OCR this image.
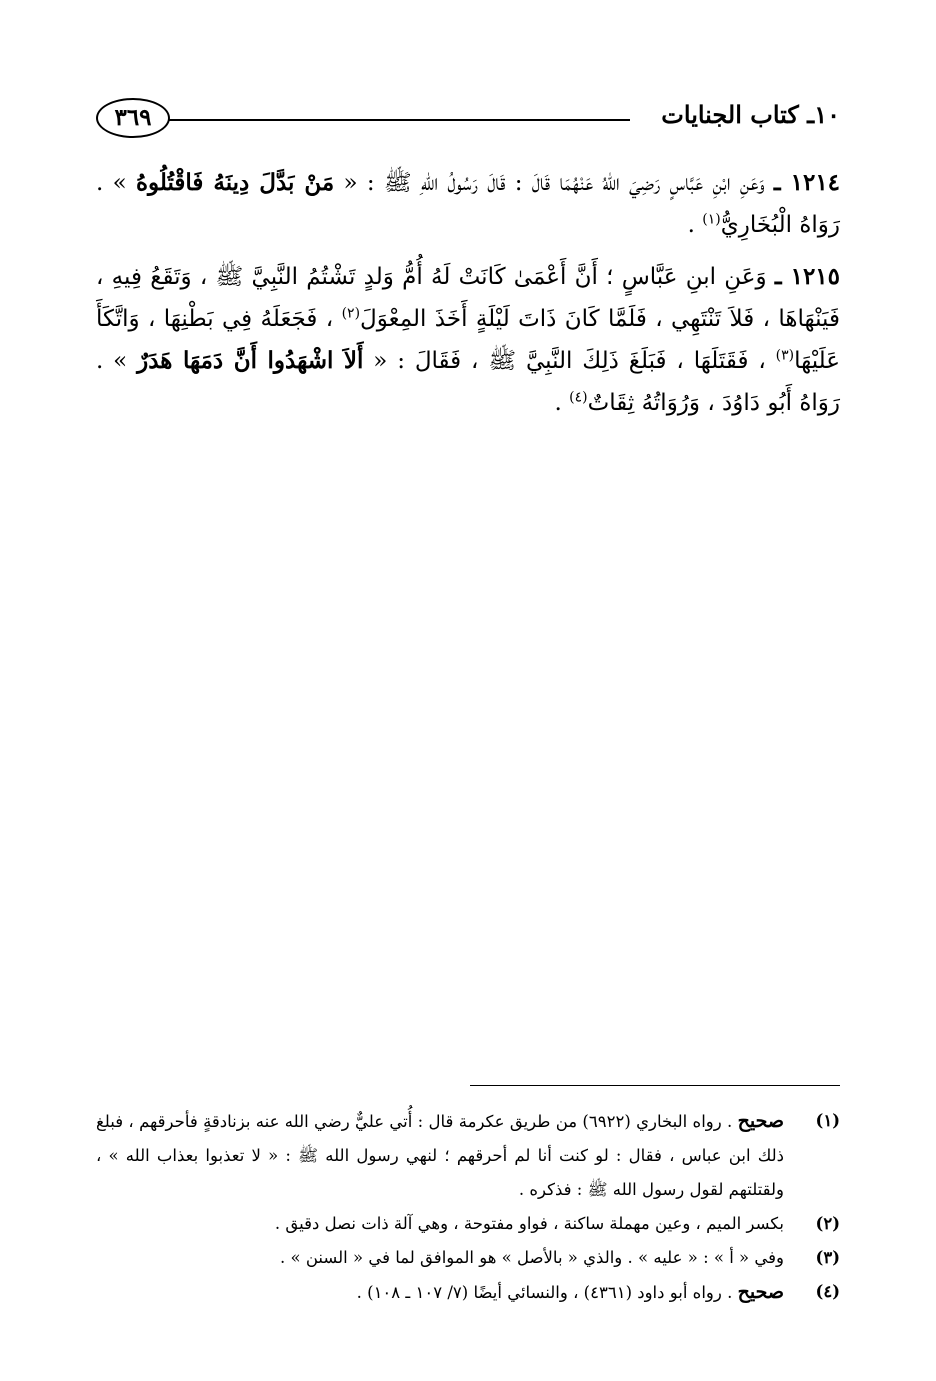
١٠ـ كتاب الجنايات
٣٦٩

١٢١٤ ـ وَعَنِ ابْنِ عَبَّاسٍ رَضِيَ اللهُ عَنْهُمَا قَالَ : قَالَ رَسُولُ اللهِ ﷺ : « مَنْ بَدَّلَ دِينَهُ فَاقْتُلُوهُ » . رَوَاهُ الْبُخَارِيُّ$^{(١)}$ .

١٢١٥ ـ وَعَنِ ابنِ عَبَّاسٍ ؛ أَنَّ أَعْمَىٰ كَانَتْ لَهُ أُمُّ وَلدٍ تَشْتُمُ النَّبِيَّ ﷺ ، وَتَقَعُ فِيهِ ، فَيَنْهَاهَا ، فَلاَ تَنْتَهِي ، فَلَمَّا كَانَ ذَاتَ لَيْلَةٍ أَخَذَ المِعْوَلَ$^{(٢)}$ ، فَجَعَلَهُ فِي بَطْنِهَا ، وَاتَّكَأَ عَلَيْهَا$^{(٣)}$ ، فَقَتَلَهَا ، فَبَلَغَ ذَلِكَ النَّبِيَّ ﷺ ، فَقَالَ : « أَلاَ اشْهَدُوا أَنَّ دَمَهَا هَدَرٌ » . رَوَاهُ أَبُو دَاوُدَ ، وَرُوَاتُهُ ثِقَاتٌ$^{(٤)}$ .

(١)
صحيح . رواه البخاري (٦٩٢٢) من طريق عكرمة قال : أُتي عليٌّ رضي الله عنه بزنادقةٍ فأحرقهم ، فبلغ ذلك ابن عباس ، فقال : لو كنت أنا لم أحرقهم ؛ لنهي رسول الله ﷺ : « لا تعذبوا بعذاب الله » ، ولقتلتهم لقول رسول الله ﷺ : فذكره .
(٢)
بكسر الميم ، وعين مهملة ساكنة ، فواو مفتوحة ، وهي آلة ذات نصل دقيق .
(٣)
وفي « أ » : « عليه » . والذي « بالأصل » هو الموافق لما في « السنن » .
(٤)
صحيح . رواه أبو داود (٤٣٦١) ، والنسائي أيضًا (٧/ ١٠٧ ـ ١٠٨) .
